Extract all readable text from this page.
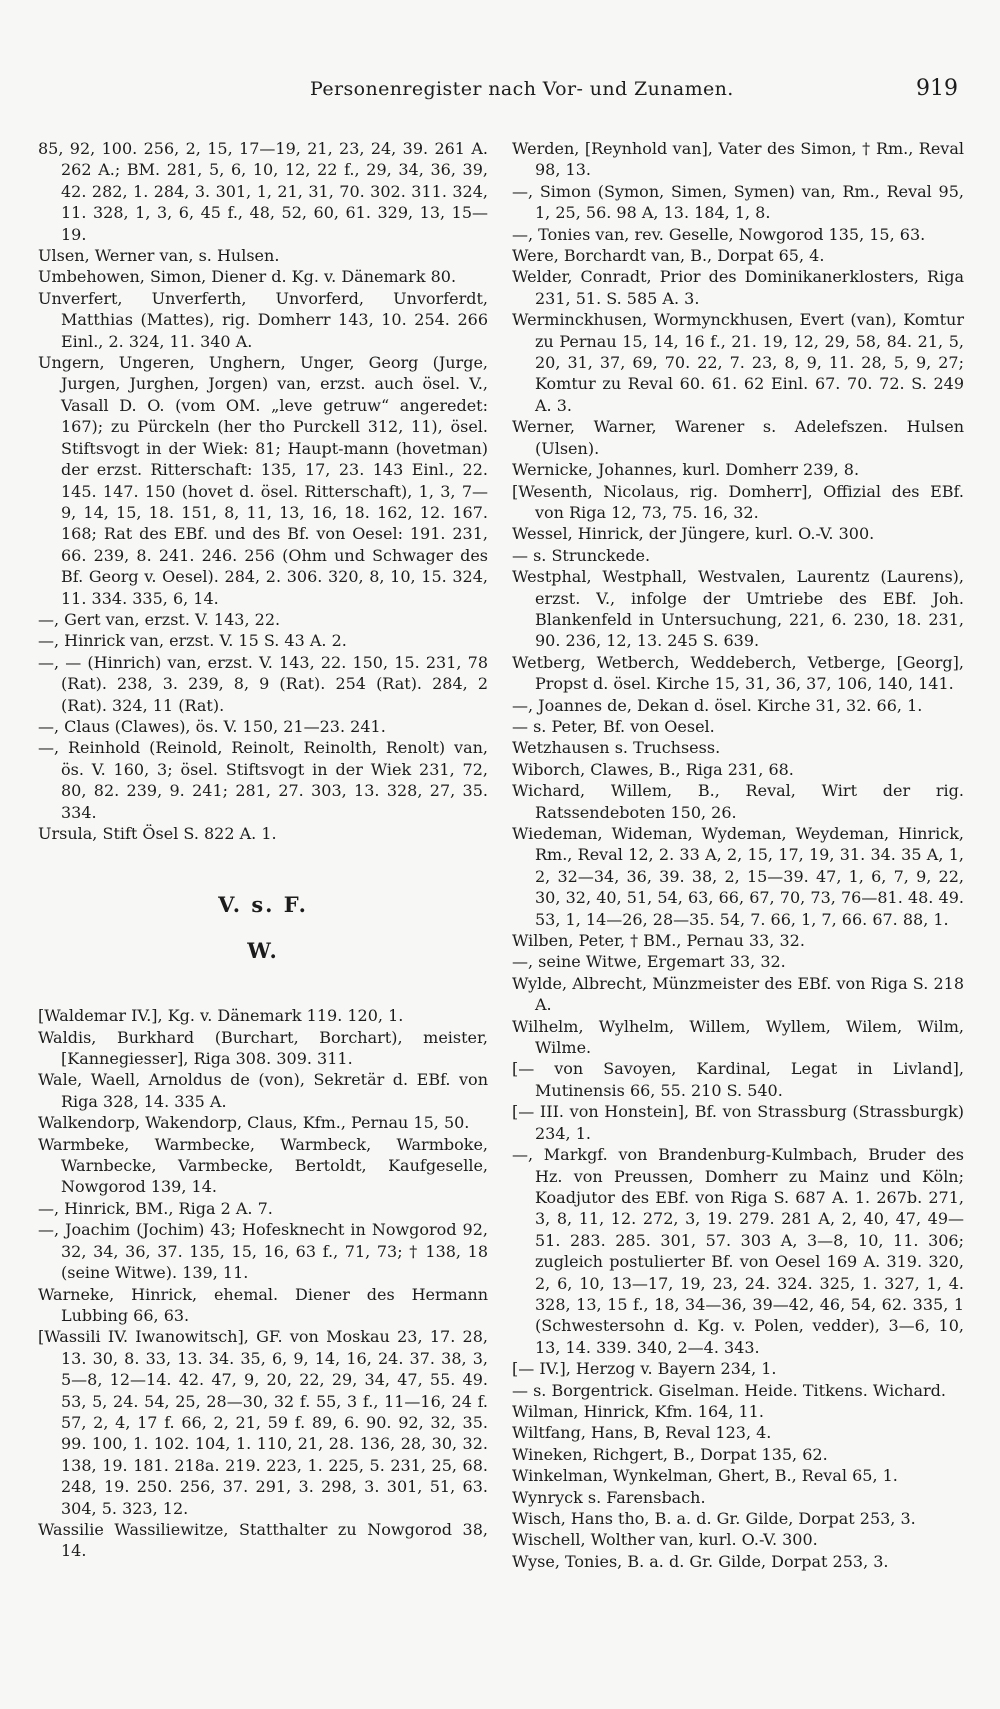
Personenregister nach Vor- und Zunamen.	919

85, 92, 100. 256, 2, 15, 17—19, 21, 23, 24, 39. 261 A. 262 A.; BM. 281, 5, 6, 10, 12, 22 f., 29, 34, 36, 39, 42. 282, 1. 284, 3. 301, 1, 21, 31, 70. 302. 311. 324, 11. 328, 1, 3, 6, 45 f., 48, 52, 60, 61. 329, 13, 15—19.

Ulsen, Werner van, s. Hulsen.

Umbehowen, Simon, Diener d. Kg. v. Dänemark 80.

Unverfert, Unverferth, Unvorferd, Unvorferdt, Matthias (Mattes), rig. Domherr 143, 10. 254. 266 Einl., 2. 324, 11. 340 A.

Ungern, Ungeren, Unghern, Unger, Georg (Jurge, Jurgen, Jurghen, Jorgen) van, erzst. auch ösel. V., Vasall D. O. (vom OM. „leve getruw“ angeredet: 167); zu Pürckeln (her tho Purckell 312, 11), ösel. Stiftsvogt in der Wiek: 81; Haupt-mann (hovetman) der erzst. Ritterschaft: 135, 17, 23. 143 Einl., 22. 145. 147. 150 (hovet d. ösel. Ritterschaft), 1, 3, 7—9, 14, 15, 18. 151, 8, 11, 13, 16, 18. 162, 12. 167. 168; Rat des EBf. und des Bf. von Oesel: 191. 231, 66. 239, 8. 241. 246. 256 (Ohm und Schwager des Bf. Georg v. Oesel). 284, 2. 306. 320, 8, 10, 15. 324, 11. 334. 335, 6, 14.

—, Gert van, erzst. V. 143, 22.

—, Hinrick van, erzst. V. 15 S. 43 A. 2.

—, — (Hinrich) van, erzst. V. 143, 22. 150, 15. 231, 78 (Rat). 238, 3. 239, 8, 9 (Rat). 254 (Rat). 284, 2 (Rat). 324, 11 (Rat).

—, Claus (Clawes), ös. V. 150, 21—23. 241.

—, Reinhold (Reinold, Reinolt, Reinolth, Renolt) van, ös. V. 160, 3; ösel. Stiftsvogt in der Wiek 231, 72, 80, 82. 239, 9. 241; 281, 27. 303, 13. 328, 27, 35. 334.

Ursula, Stift Ösel S. 822 A. 1.

V. s. F.

W.

[Waldemar IV.], Kg. v. Dänemark 119. 120, 1.

Waldis, Burkhard (Burchart, Borchart), meister, [Kannegiesser], Riga 308. 309. 311.

Wale, Waell, Arnoldus de (von), Sekretär d. EBf. von Riga 328, 14. 335 A.

Walkendorp, Wakendorp, Claus, Kfm., Pernau 15, 50.

Warmbeke, Warmbecke, Warmbeck, Warmboke, Warnbecke, Varmbecke, Bertoldt, Kaufgeselle, Nowgorod 139, 14.

—, Hinrick, BM., Riga 2 A. 7.

—, Joachim (Jochim) 43; Hofesknecht in Nowgorod 92, 32, 34, 36, 37. 135, 15, 16, 63 f., 71, 73; † 138, 18 (seine Witwe). 139, 11.

Warneke, Hinrick, ehemal. Diener des Hermann Lubbing 66, 63.

[Wassili IV. Iwanowitsch], GF. von Moskau 23, 17. 28, 13. 30, 8. 33, 13. 34. 35, 6, 9, 14, 16, 24. 37. 38, 3, 5—8, 12—14. 42. 47, 9, 20, 22, 29, 34, 47, 55. 49. 53, 5, 24. 54, 25, 28—30, 32 f. 55, 3 f., 11—16, 24 f. 57, 2, 4, 17 f. 66, 2, 21, 59 f. 89, 6. 90. 92, 32, 35. 99. 100, 1. 102. 104, 1. 110, 21, 28. 136, 28, 30, 32. 138, 19. 181. 218a. 219. 223, 1. 225, 5. 231, 25, 68. 248, 19. 250. 256, 37. 291, 3. 298, 3. 301, 51, 63. 304, 5. 323, 12.

Wassilie Wassiliewitze, Statthalter zu Nowgorod 38, 14.

Werden, [Reynhold van], Vater des Simon, † Rm., Reval 98, 13.

—, Simon (Symon, Simen, Symen) van, Rm., Reval 95, 1, 25, 56. 98 A, 13. 184, 1, 8.

—, Tonies van, rev. Geselle, Nowgorod 135, 15, 63.

Were, Borchardt van, B., Dorpat 65, 4.

Welder, Conradt, Prior des Dominikanerklosters, Riga 231, 51. S. 585 A. 3.

Werminckhusen, Wormynckhusen, Evert (van), Komtur zu Pernau 15, 14, 16 f., 21. 19, 12, 29, 58, 84. 21, 5, 20, 31, 37, 69, 70. 22, 7. 23, 8, 9, 11. 28, 5, 9, 27; Komtur zu Reval 60. 61. 62 Einl. 67. 70. 72. S. 249 A. 3.

Werner, Warner, Warener s. Adelefszen. Hulsen (Ulsen).

Wernicke, Johannes, kurl. Domherr 239, 8.

[Wesenth, Nicolaus, rig. Domherr], Offizial des EBf. von Riga 12, 73, 75. 16, 32.

Wessel, Hinrick, der Jüngere, kurl. O.-V. 300.

— s. Strunckede.

Westphal, Westphall, Westvalen, Laurentz (Laurens), erzst. V., infolge der Umtriebe des EBf. Joh. Blankenfeld in Untersuchung, 221, 6. 230, 18. 231, 90. 236, 12, 13. 245 S. 639.

Wetberg, Wetberch, Weddeberch, Vetberge, [Georg], Propst d. ösel. Kirche 15, 31, 36, 37, 106, 140, 141.

—, Joannes de, Dekan d. ösel. Kirche 31, 32. 66, 1.

— s. Peter, Bf. von Oesel.

Wetzhausen s. Truchsess.

Wiborch, Clawes, B., Riga 231, 68.

Wichard, Willem, B., Reval, Wirt der rig. Ratssendeboten 150, 26.

Wiedeman, Wideman, Wydeman, Weydeman, Hinrick, Rm., Reval 12, 2. 33 A, 2, 15, 17, 19, 31. 34. 35 A, 1, 2, 32—34, 36, 39. 38, 2, 15—39. 47, 1, 6, 7, 9, 22, 30, 32, 40, 51, 54, 63, 66, 67, 70, 73, 76—81. 48. 49. 53, 1, 14—26, 28—35. 54, 7. 66, 1, 7, 66. 67. 88, 1.

Wilben, Peter, † BM., Pernau 33, 32.

—, seine Witwe, Ergemart 33, 32.

Wylde, Albrecht, Münzmeister des EBf. von Riga S. 218 A.

Wilhelm, Wylhelm, Willem, Wyllem, Wilem, Wilm, Wilme.

[— von Savoyen, Kardinal, Legat in Livland], Mutinensis 66, 55. 210 S. 540.

[— III. von Honstein], Bf. von Strassburg (Strassburgk) 234, 1.

—, Markgf. von Brandenburg-Kulmbach, Bruder des Hz. von Preussen, Domherr zu Mainz und Köln; Koadjutor des EBf. von Riga S. 687 A. 1. 267b. 271, 3, 8, 11, 12. 272, 3, 19. 279. 281 A, 2, 40, 47, 49—51. 283. 285. 301, 57. 303 A, 3—8, 10, 11. 306; zugleich postulierter Bf. von Oesel 169 A. 319. 320, 2, 6, 10, 13—17, 19, 23, 24. 324. 325, 1. 327, 1, 4. 328, 13, 15 f., 18, 34—36, 39—42, 46, 54, 62. 335, 1 (Schwestersohn d. Kg. v. Polen, vedder), 3—6, 10, 13, 14. 339. 340, 2—4. 343.

[— IV.], Herzog v. Bayern 234, 1.

— s. Borgentrick. Giselman. Heide. Titkens. Wichard.

Wilman, Hinrick, Kfm. 164, 11.

Wiltfang, Hans, B, Reval 123, 4.

Wineken, Richgert, B., Dorpat 135, 62.

Winkelman, Wynkelman, Ghert, B., Reval 65, 1.

Wynryck s. Farensbach.

Wisch, Hans tho, B. a. d. Gr. Gilde, Dorpat 253, 3.

Wischell, Wolther van, kurl. O.-V. 300.

Wyse, Tonies, B. a. d. Gr. Gilde, Dorpat 253, 3.
